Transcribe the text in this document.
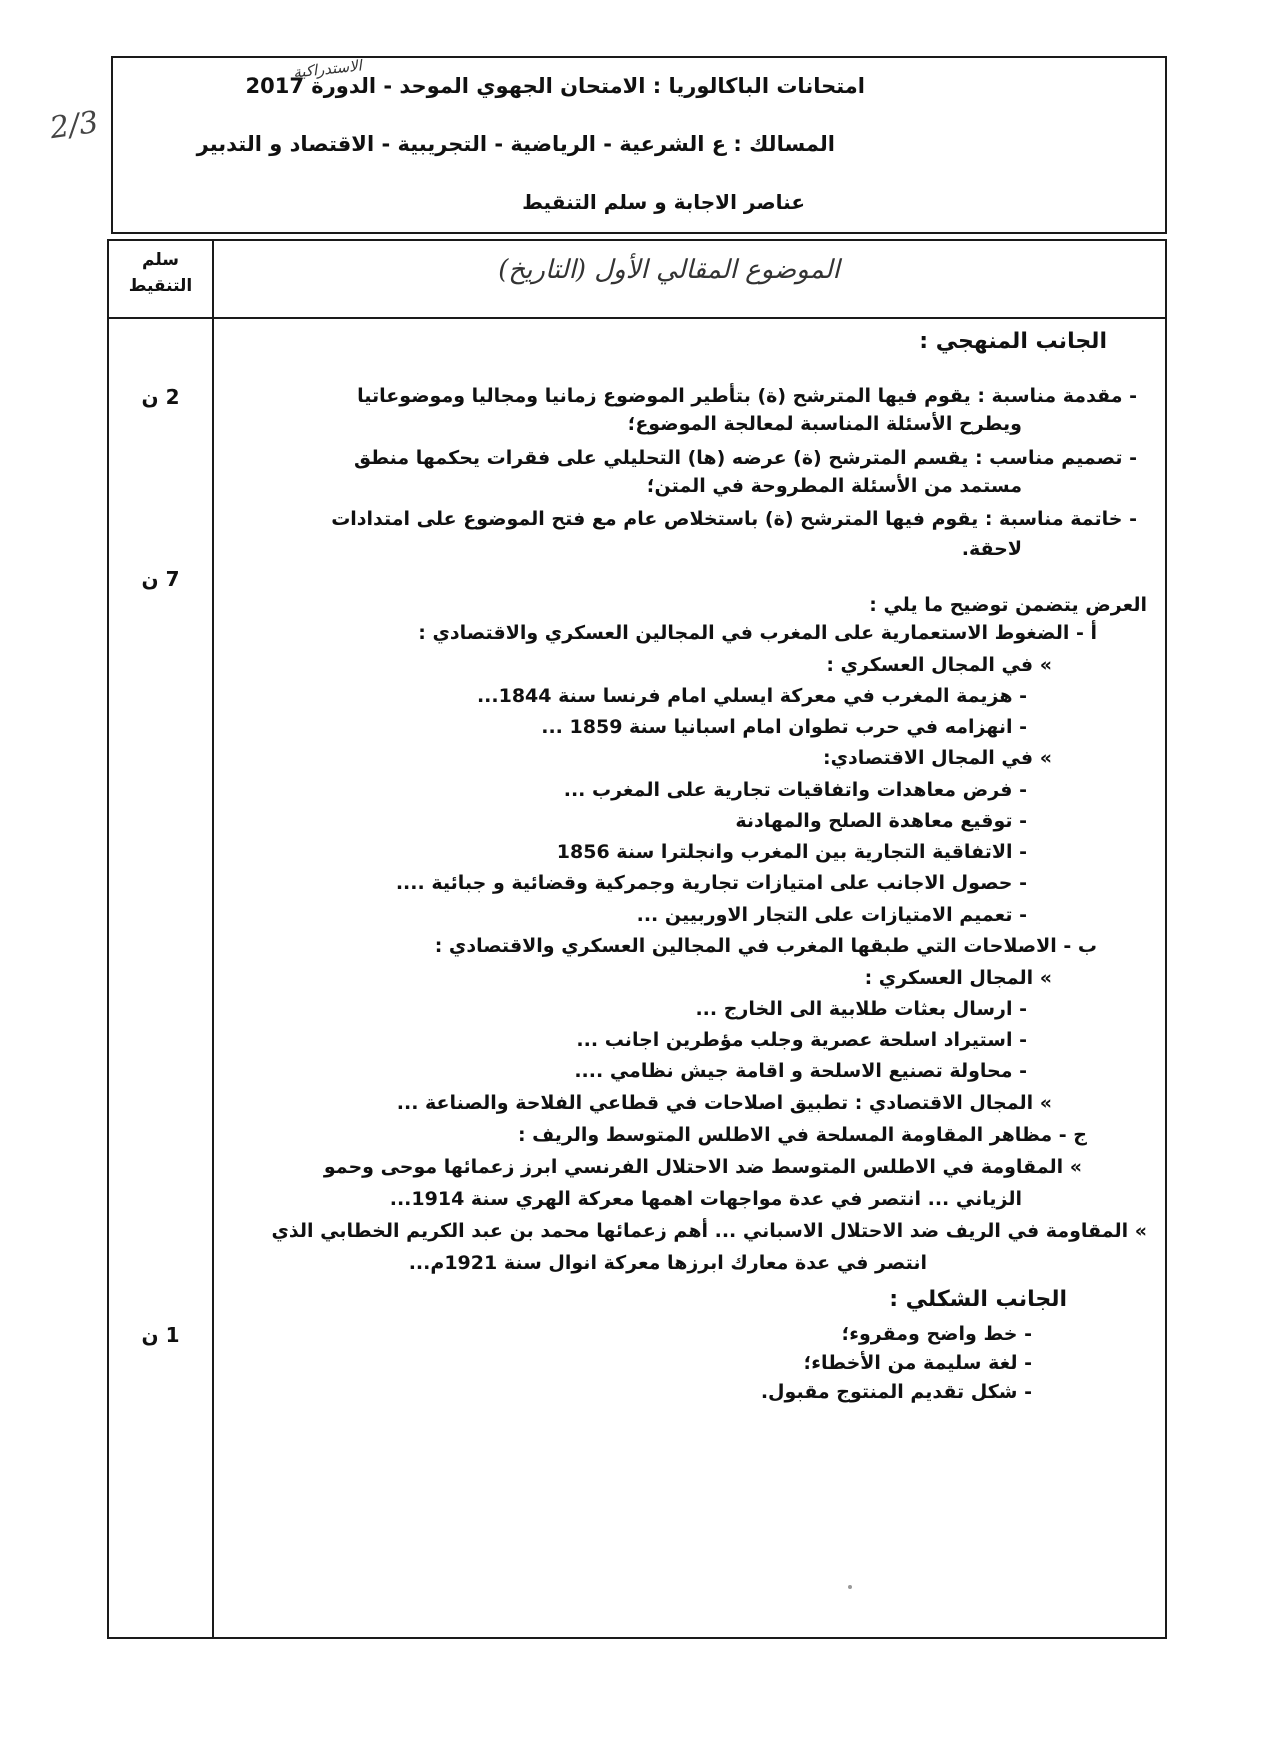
2/3
امتحانات الباكالوريا : الامتحان الجهوي الموحد - الدورة 2017
الاستدراكية
المسالك : ع الشرعية - الرياضية - التجريبية - الاقتصاد و التدبير
عناصر الاجابة و سلم التنقيط
سلم
التنقيط
الموضوع المقالي الأول (التاريخ)
2 ن
7 ن
1 ن
الجانب المنهجي :
- مقدمة مناسبة : يقوم فيها المترشح (ة) بتأطير الموضوع زمانيا ومجاليا وموضوعاتيا
ويطرح الأسئلة المناسبة لمعالجة الموضوع؛
- تصميم مناسب : يقسم المترشح (ة) عرضه (ها) التحليلي على فقرات يحكمها منطق
مستمد من الأسئلة المطروحة في المتن؛
- خاتمة مناسبة : يقوم فيها المترشح (ة) باستخلاص عام مع فتح الموضوع على امتدادات
لاحقة.
العرض يتضمن توضيح ما يلي :
أ - الضغوط الاستعمارية على المغرب في المجالين العسكري والاقتصادي :
» في المجال العسكري :
- هزيمة المغرب في معركة ايسلي امام فرنسا سنة 1844...
- انهزامه في حرب تطوان امام اسبانيا سنة 1859 ...
» في المجال الاقتصادي:
- فرض معاهدات واتفاقيات تجارية على المغرب ...
- توقيع معاهدة الصلح والمهادنة
- الاتفاقية التجارية بين المغرب وانجلترا سنة 1856
- حصول الاجانب على امتيازات تجارية وجمركية وقضائية و جبائية ....
- تعميم الامتيازات على التجار الاوربيين ...
ب - الاصلاحات التي طبقها المغرب في المجالين العسكري والاقتصادي :
» المجال العسكري :
- ارسال بعثات طلابية الى الخارج ...
- استيراد اسلحة عصرية وجلب مؤطرين اجانب ...
- محاولة تصنيع الاسلحة و اقامة جيش نظامي ....
» المجال الاقتصادي : تطبيق اصلاحات في قطاعي الفلاحة والصناعة ...
ج - مظاهر المقاومة المسلحة في الاطلس المتوسط والريف :
» المقاومة في الاطلس المتوسط ضد الاحتلال الفرنسي ابرز زعمائها موحى وحمو
الزياني ... انتصر في عدة مواجهات اهمها معركة الهري سنة 1914...
» المقاومة في الريف ضد الاحتلال الاسباني ... أهم زعمائها محمد بن عبد الكريم الخطابي الذي
انتصر في عدة معارك ابرزها معركة انوال سنة 1921م...
الجانب الشكلي :
- خط واضح ومقروء؛
- لغة سليمة من الأخطاء؛
- شكل تقديم المنتوج مقبول.
